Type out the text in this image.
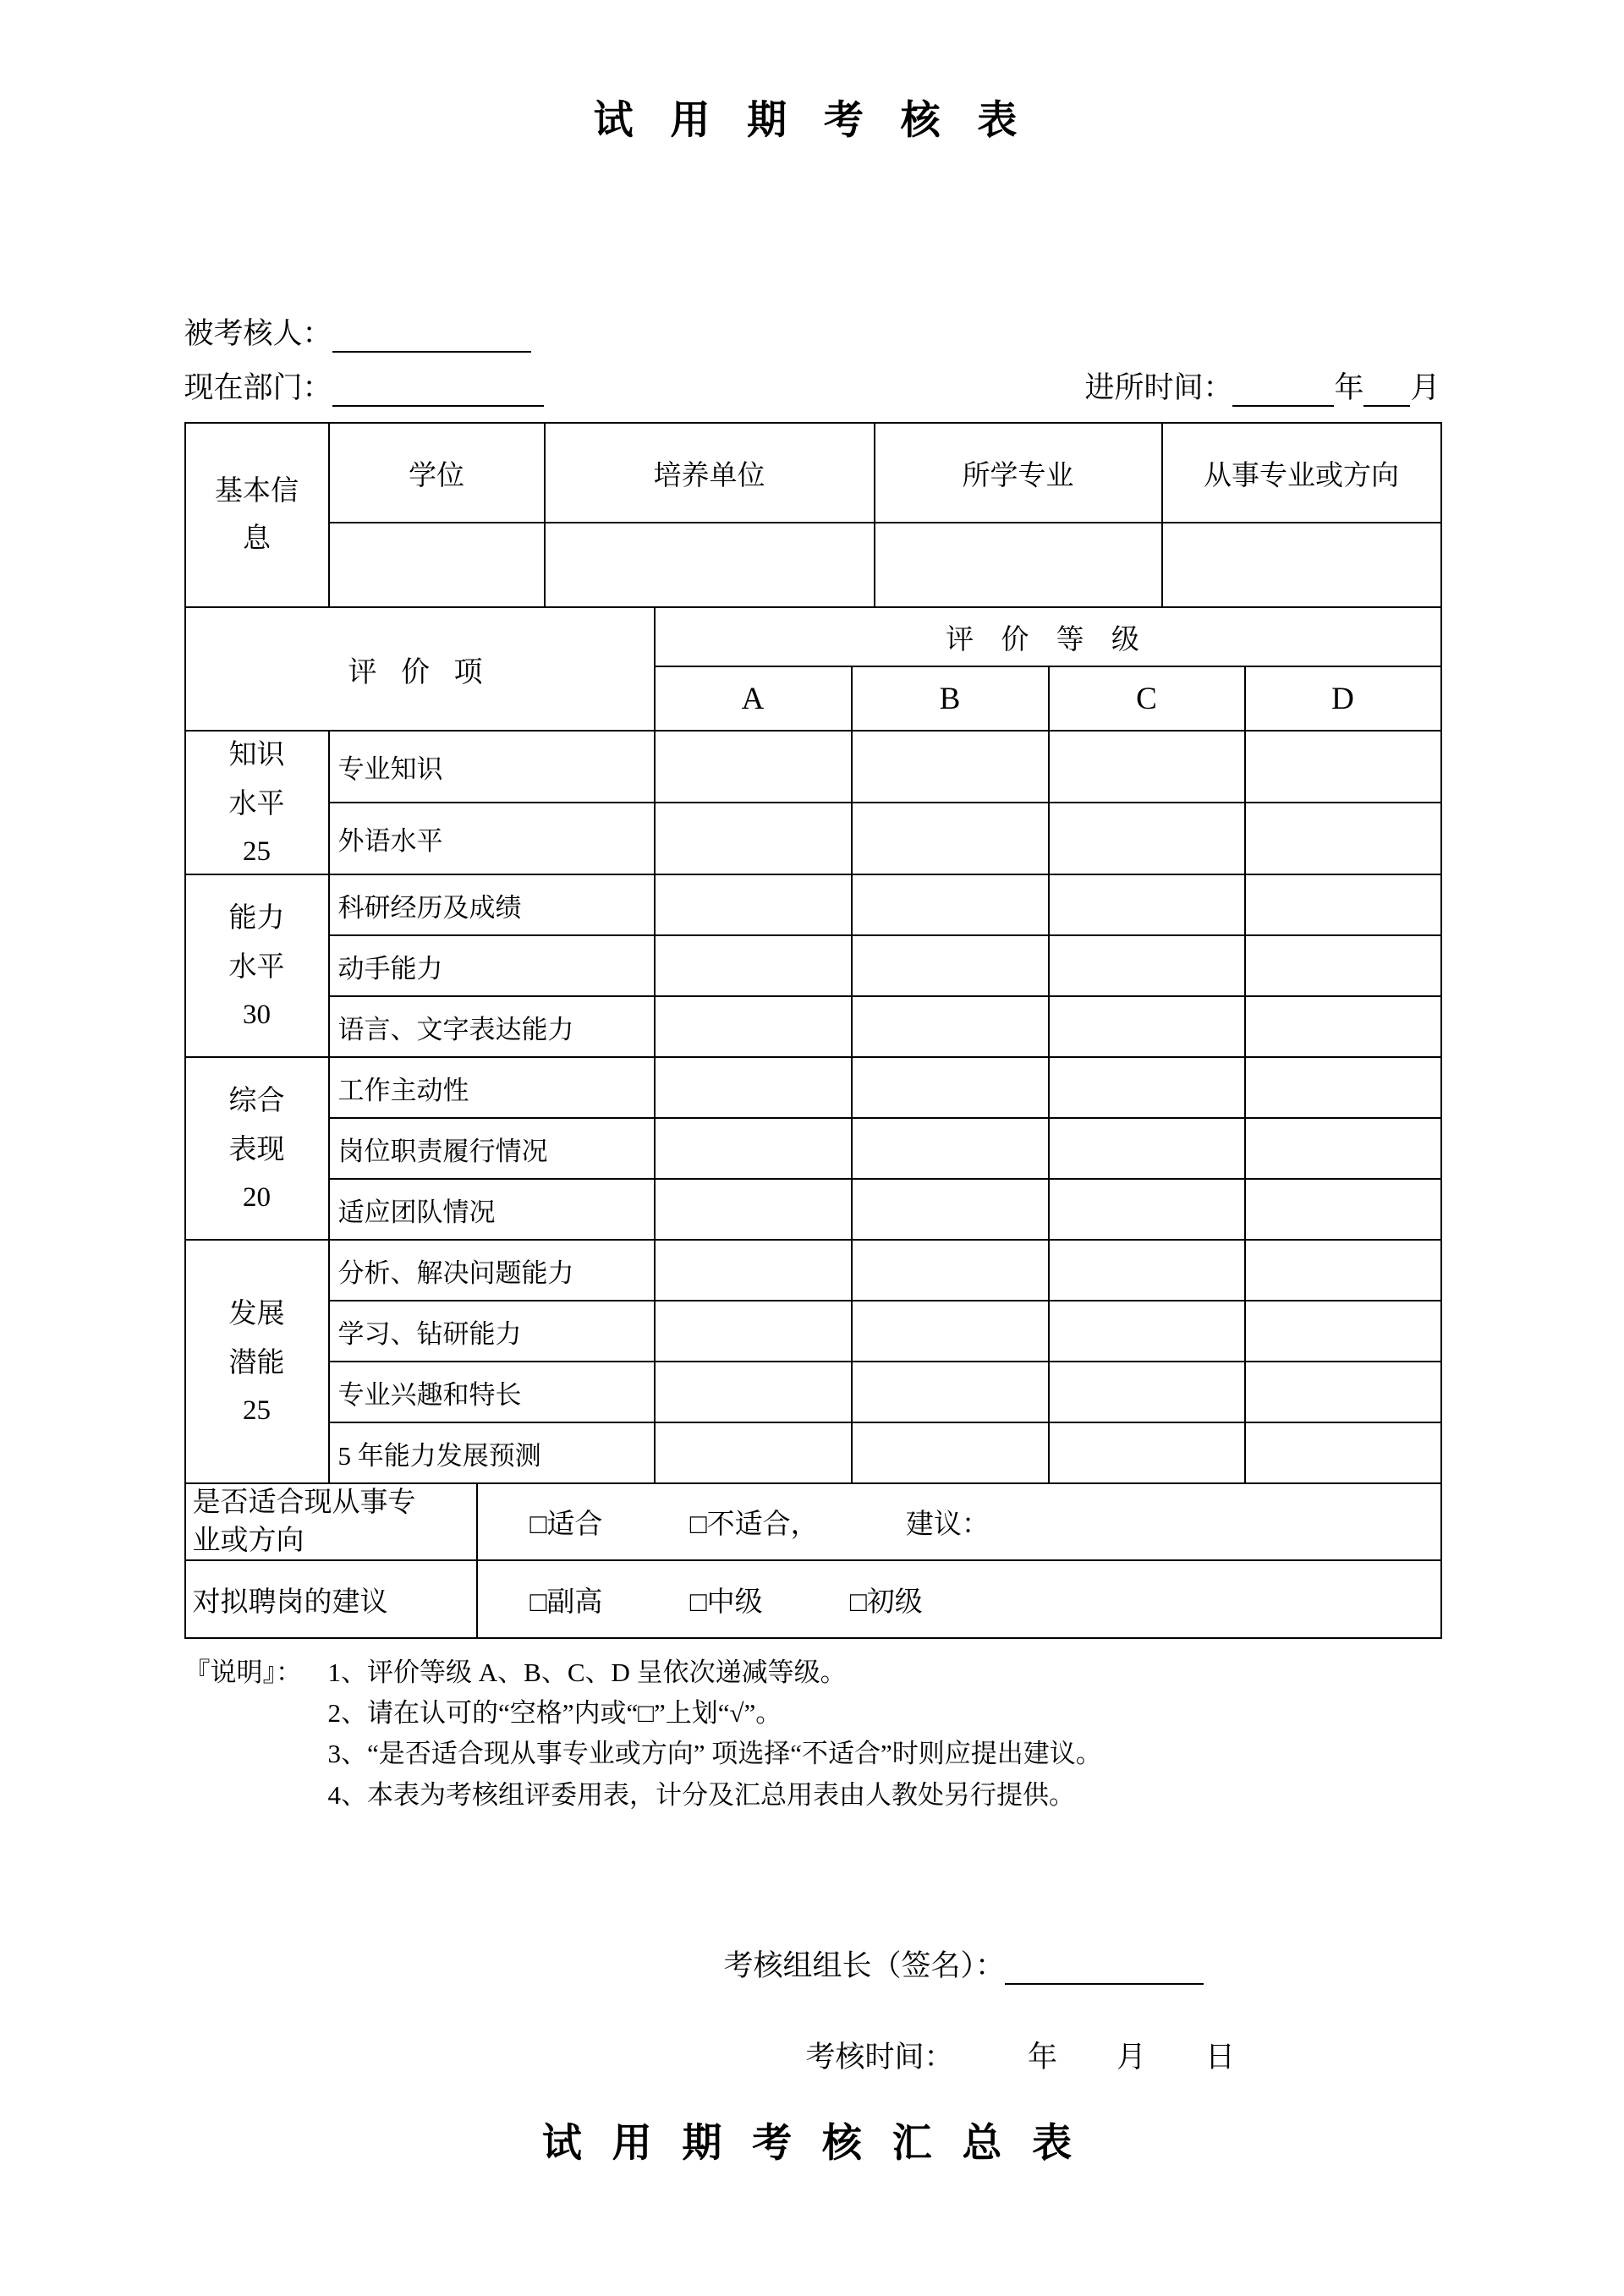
试 用 期 考 核 表
被考核人：
现在部门：	进所时间：	年 月
基本信息	学位	培养单位	所学专业	从事专业或方向

评 价 项		评 价 等 级			
		A	B	C	D

知识水平
25	专业知识				
	外语水平				

能力水平
30	科研经历及成绩				
	动手能力				
	语言、文字表达能力				

综合表现
20	工作主动性				
	岗位职责履行情况				
	适应团队情况				

发展潜能
25	分析、解决问题能力				
	学习、钻研能力				
	专业兴趣和特长				
	5 年能力发展预测				
是否适合现从事专业或方向	□适合 □不适合， 建议：
对拟聘岗的建议	□副高 □中级 □初级
『说明』： 1、评价等级 A、B、C、D 呈依次递减等级。
2、请在认可的“空格”内或“□”上划“√”。
3、“是否适合现从事专业或方向” 项选择“不适合”时则应提出建议。
4、本表为考核组评委用表，计分及汇总用表由人教处另行提供。
考核组组长（签名）：
考核时间：　　　年　　月　　日
试 用 期 考 核 汇 总 表
